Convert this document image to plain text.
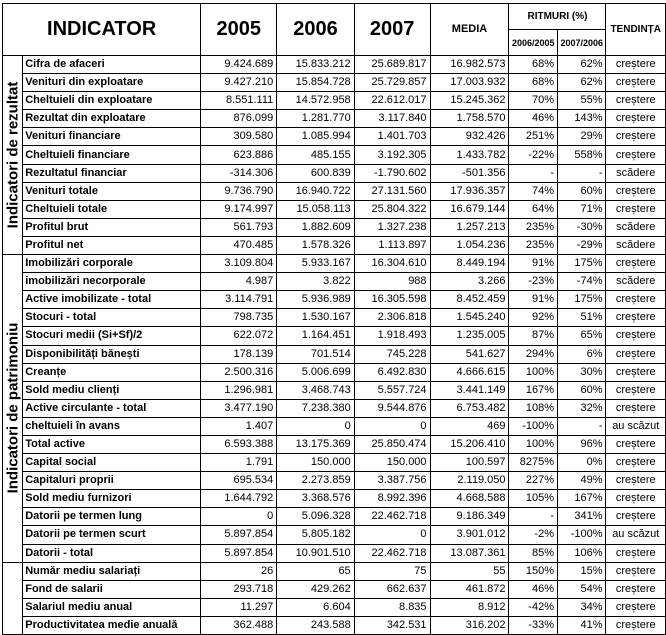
INDICATOR		2005	2006	2007	MEDIA	RITMURI (%)		TENDINȚA
						2006/2005	2007/2006	

Indicatori de rezultat	Cifra de afaceri	9.424.689	15.833.212	25.689.817	16.982.573	68%	62%	creștere
	Venituri din exploatare	9.427.210	15.854.728	25.729.857	17.003.932	68%	62%	creștere
	Cheltuieli din exploatare	8.551.111	14.572.958	22.612.017	15.245.362	70%	55%	creștere
	Rezultat din exploatare	876.099	1.281.770	3.117.840	1.758.570	46%	143%	creștere
	Venituri financiare	309.580	1.085.994	1.401.703	932.426	251%	29%	creștere
	Cheltuieli financiare	623.886	485.155	3.192.305	1.433.782	-22%	558%	creștere
	Rezultatul financiar	-314.306	600.839	-1.790.602	-501.356	-	-	scădere
	Venituri totale	9.736.790	16.940.722	27.131.560	17.936.357	74%	60%	creștere
	Cheltuieli totale	9.174.997	15.058.113	25.804.322	16.679.144	64%	71%	creștere
	Profitul brut	561.793	1.882.609	1.327.238	1.257.213	235%	-30%	scădere
	Profitul net	470.485	1.578.326	1.113.897	1.054.236	235%	-29%	scădere

Indicatori de patrimoniu	Imobilizări corporale	3.109.804	5.933.167	16.304.610	8.449.194	91%	175%	creștere
	imobilizări necorporale	4.987	3.822	988	3.266	-23%	-74%	scădere
	Active imobilizate - total	3.114.791	5.936.989	16.305.598	8.452.459	91%	175%	creștere
	Stocuri - total	798.735	1.530.167	2.306.818	1.545.240	92%	51%	creștere
	Stocuri medii (Si+Sf)/2	622.072	1.164.451	1.918.493	1.235.005	87%	65%	creștere
	Disponibilități bănești	178.139	701.514	745.228	541.627	294%	6%	creștere
	Creanțe	2.500.316	5.006.699	6.492.830	4.666.615	100%	30%	creștere
	Sold mediu clienți	1.296.981	3.468.743	5.557.724	3.441.149	167%	60%	creștere
	Active circulante - total	3.477.190	7.238.380	9.544.876	6.753.482	108%	32%	creștere
	cheltuieli în avans	1.407	0	0	469	-100%	-	au scăzut
	Total active	6.593.388	13.175.369	25.850.474	15.206.410	100%	96%	creștere
	Capital social	1.791	150.000	150.000	100.597	8275%	0%	creștere
	Capitaluri proprii	695.534	2.273.859	3.387.756	2.119.050	227%	49%	creștere
	Sold mediu furnizori	1.644.792	3.368.576	8.992.396	4.668.588	105%	167%	creștere
	Datorii pe termen lung	0	5.096.328	22.462.718	9.186.349	-	341%	creștere
	Datorii pe termen scurt	5.897.854	5.805.182	0	3.901.012	-2%	-100%	au scăzut
	Datorii - total	5.897.854	10.901.510	22.462.718	13.087.361	85%	106%	creștere
	Număr mediu salariați	26	65	75	55	150%	15%	creștere
	Fond de salarii	293.718	429.262	662.637	461.872	46%	54%	creștere
	Salariul mediu anual	11.297	6.604	8.835	8.912	-42%	34%	creștere
	Productivitatea medie anuală	362.488	243.588	342.531	316.202	-33%	41%	creștere
